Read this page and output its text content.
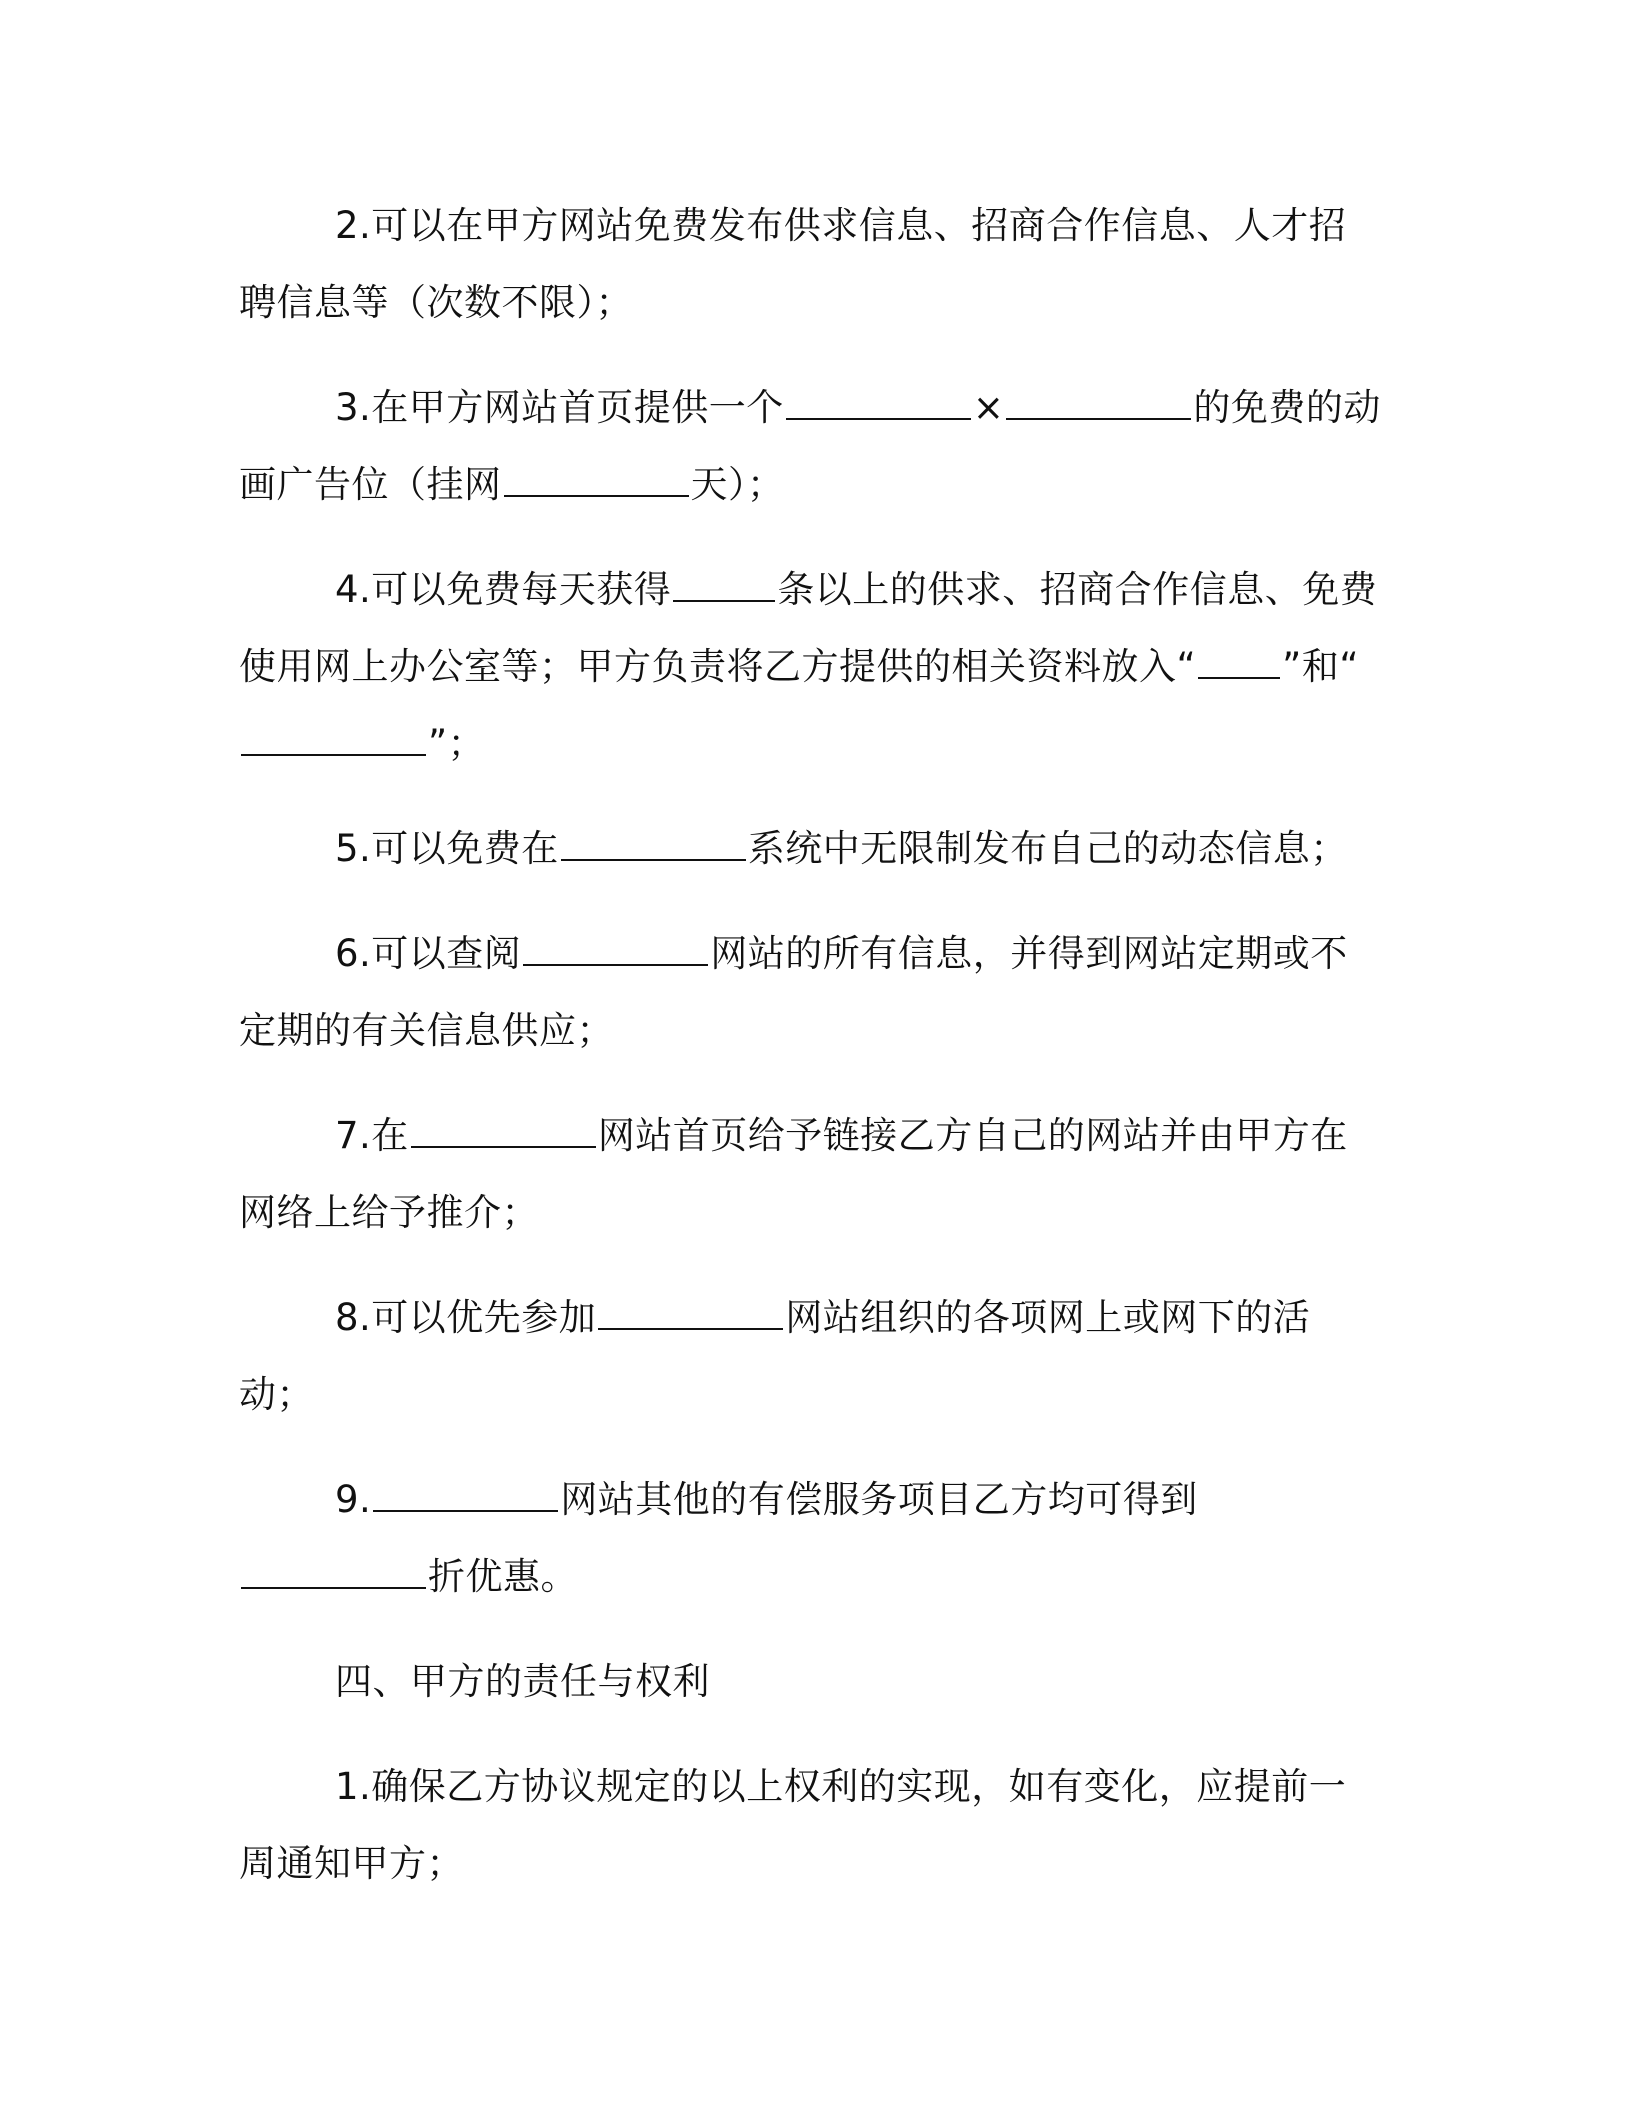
2.可以在甲方网站免费发布供求信息、招商合作信息、人才招聘信息等（次数不限）；

3.在甲方网站首页提供一个	×	的免费的动画广告位（挂网	天）；

4.可以免费每天获得	条以上的供求、招商合作信息、免费使用网上办公室等；甲方负责将乙方提供的相关资料放入“ ”和“”；

5.可以免费在	系统中无限制发布自己的动态信息；

6.可以查阅	网站的所有信息，并得到网站定期或不定期的有关信息供应；

7.在	网站首页给予链接乙方自己的网站并由甲方在网络上给予推介；

8.可以优先参加	网站组织的各项网上或网下的活动；

9.	网站其他的有偿服务项目乙方均可得到折优惠。

四、甲方的责任与权利

1.确保乙方协议规定的以上权利的实现，如有变化，应提前一周通知甲方；
